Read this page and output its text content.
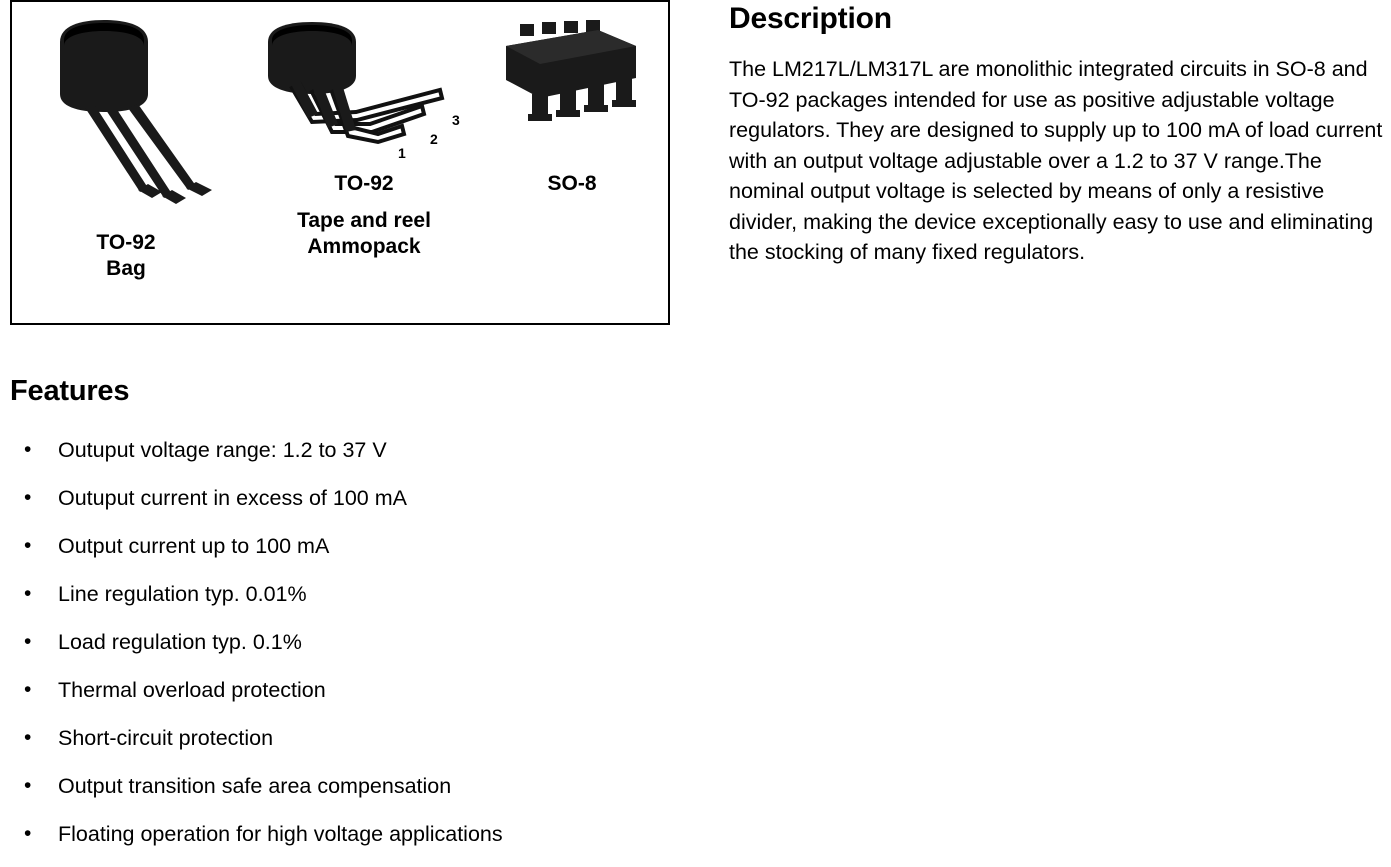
TO-92
Bag
3
2
1
TO-92
Tape and reel
Ammopack
SO-8
Features
• Outuput voltage range: 1.2 to 37 V
• Outuput current in excess of 100 mA
• Output current up to 100 mA
• Line regulation typ. 0.01%
• Load regulation typ. 0.1%
• Thermal overload protection
• Short-circuit protection
• Output transition safe area compensation
• Floating operation for high voltage applications
Description

The LM217L/LM317L are monolithic integrated circuits in SO-8 and TO-92 packages intended for use as positive adjustable voltage regulators. They are designed to supply up to 100 mA of load current with an output voltage adjustable over a 1.2 to 37 V range.The nominal output voltage is selected by means of only a resistive divider, making the device exceptionally easy to use and eliminating the stocking of many fixed regulators.
